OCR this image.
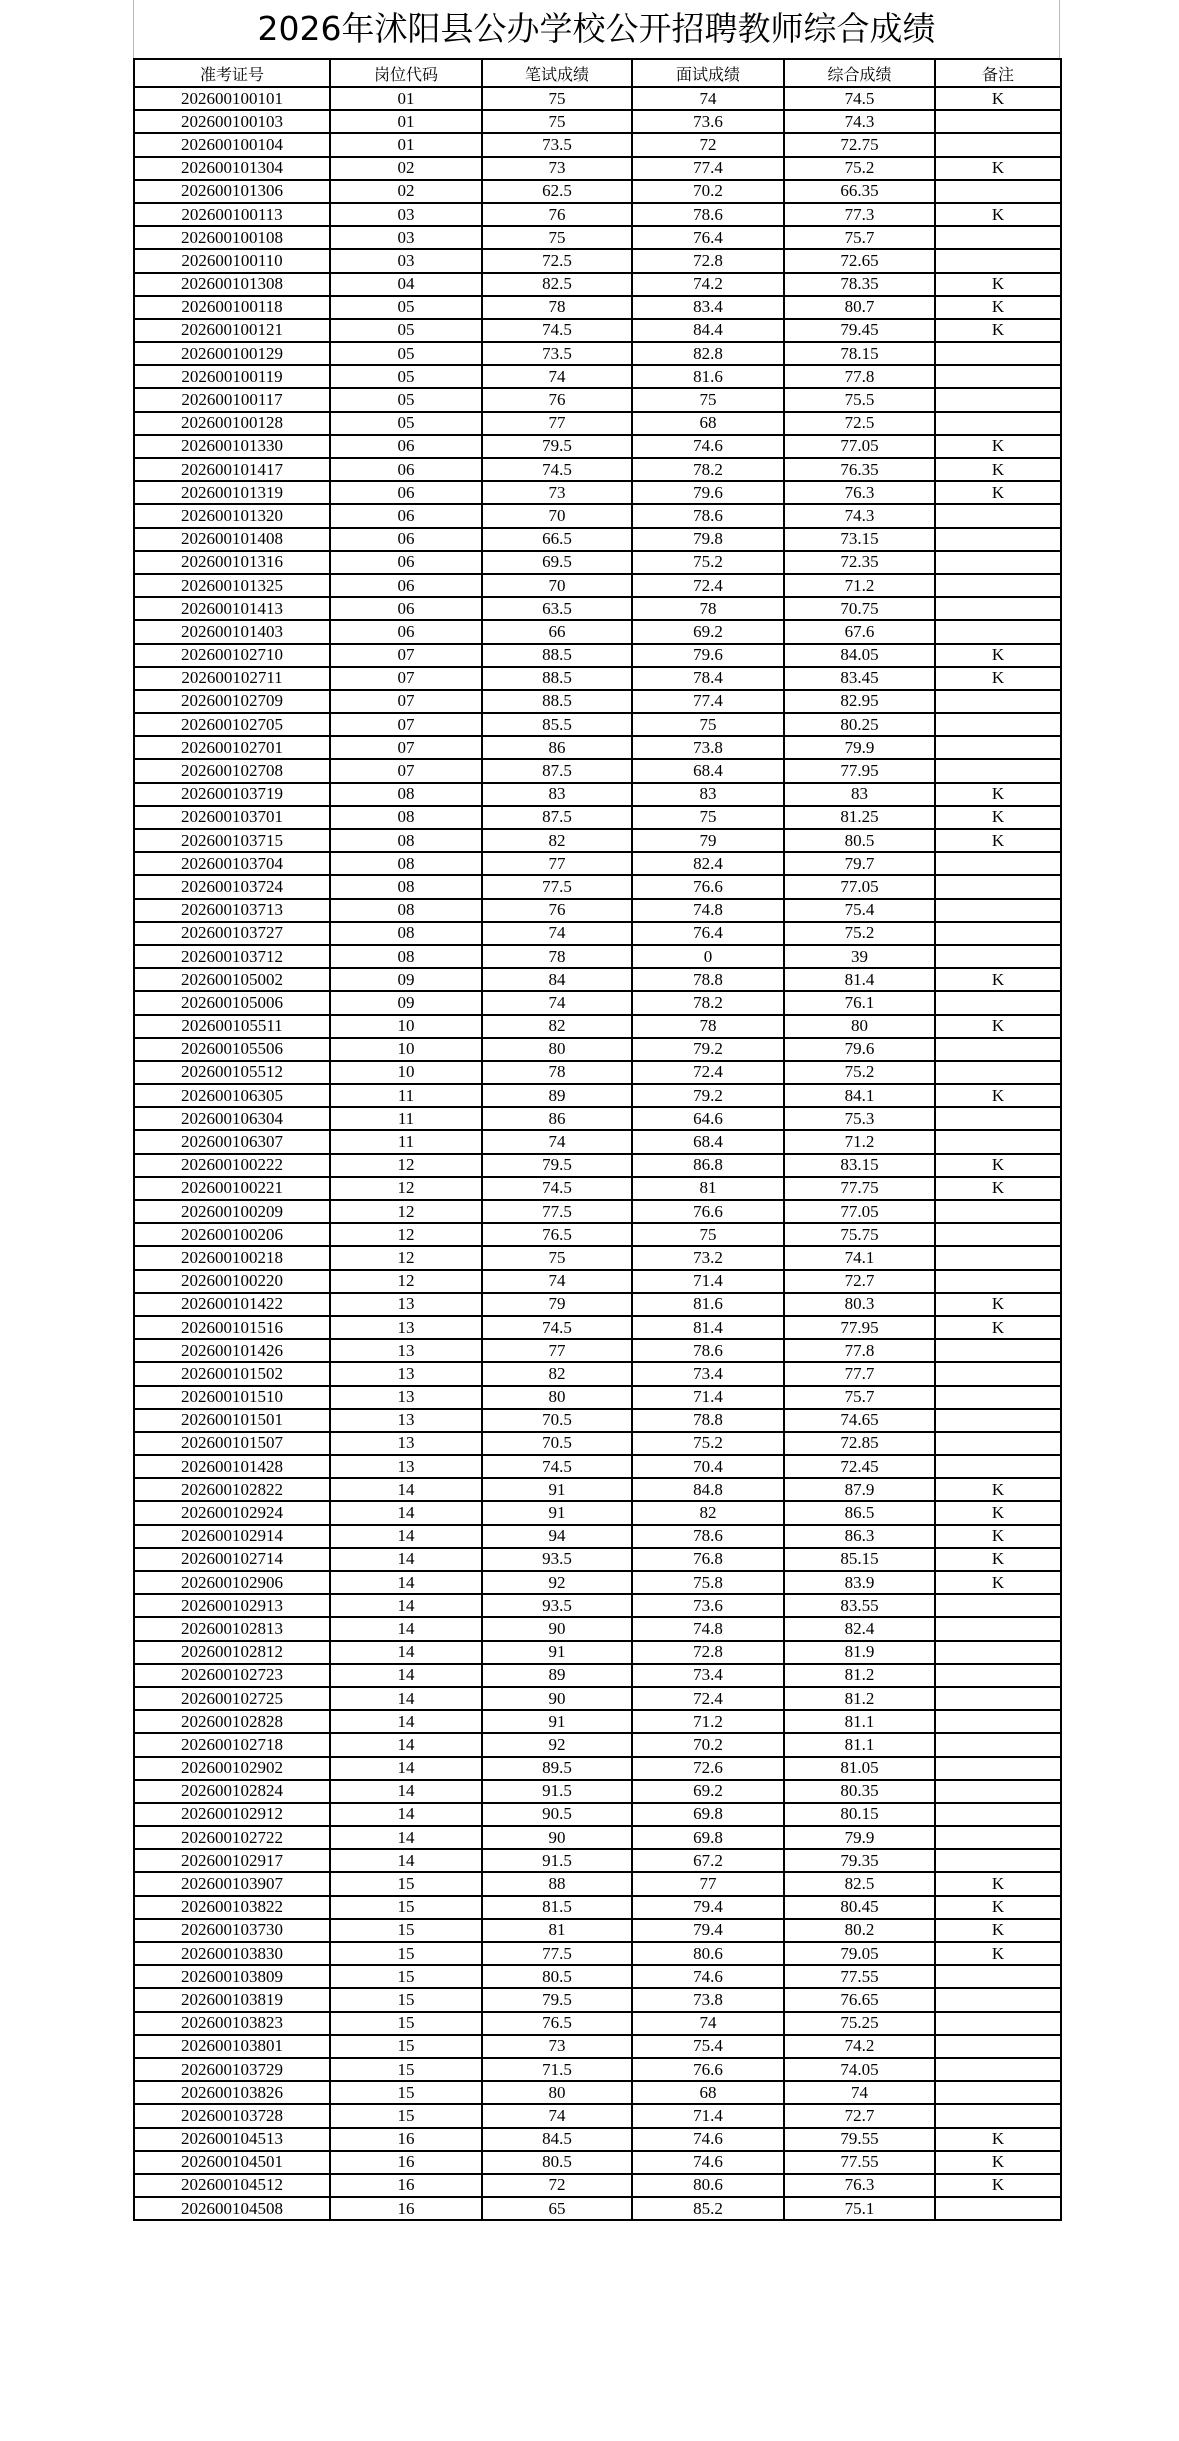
2026年沭阳县公办学校公开招聘教师综合成绩
准考证号	岗位代码	笔试成绩	面试成绩	综合成绩	备注
202600100101	01	75	74	74.5	K
202600100103	01	75	73.6	74.3	
202600100104	01	73.5	72	72.75	
202600101304	02	73	77.4	75.2	K
202600101306	02	62.5	70.2	66.35	
202600100113	03	76	78.6	77.3	K
202600100108	03	75	76.4	75.7	
202600100110	03	72.5	72.8	72.65	
202600101308	04	82.5	74.2	78.35	K
202600100118	05	78	83.4	80.7	K
202600100121	05	74.5	84.4	79.45	K
202600100129	05	73.5	82.8	78.15	
202600100119	05	74	81.6	77.8	
202600100117	05	76	75	75.5	
202600100128	05	77	68	72.5	
202600101330	06	79.5	74.6	77.05	K
202600101417	06	74.5	78.2	76.35	K
202600101319	06	73	79.6	76.3	K
202600101320	06	70	78.6	74.3	
202600101408	06	66.5	79.8	73.15	
202600101316	06	69.5	75.2	72.35	
202600101325	06	70	72.4	71.2	
202600101413	06	63.5	78	70.75	
202600101403	06	66	69.2	67.6	
202600102710	07	88.5	79.6	84.05	K
202600102711	07	88.5	78.4	83.45	K
202600102709	07	88.5	77.4	82.95	
202600102705	07	85.5	75	80.25	
202600102701	07	86	73.8	79.9	
202600102708	07	87.5	68.4	77.95	
202600103719	08	83	83	83	K
202600103701	08	87.5	75	81.25	K
202600103715	08	82	79	80.5	K
202600103704	08	77	82.4	79.7	
202600103724	08	77.5	76.6	77.05	
202600103713	08	76	74.8	75.4	
202600103727	08	74	76.4	75.2	
202600103712	08	78	0	39	
202600105002	09	84	78.8	81.4	K
202600105006	09	74	78.2	76.1	
202600105511	10	82	78	80	K
202600105506	10	80	79.2	79.6	
202600105512	10	78	72.4	75.2	
202600106305	11	89	79.2	84.1	K
202600106304	11	86	64.6	75.3	
202600106307	11	74	68.4	71.2	
202600100222	12	79.5	86.8	83.15	K
202600100221	12	74.5	81	77.75	K
202600100209	12	77.5	76.6	77.05	
202600100206	12	76.5	75	75.75	
202600100218	12	75	73.2	74.1	
202600100220	12	74	71.4	72.7	
202600101422	13	79	81.6	80.3	K
202600101516	13	74.5	81.4	77.95	K
202600101426	13	77	78.6	77.8	
202600101502	13	82	73.4	77.7	
202600101510	13	80	71.4	75.7	
202600101501	13	70.5	78.8	74.65	
202600101507	13	70.5	75.2	72.85	
202600101428	13	74.5	70.4	72.45	
202600102822	14	91	84.8	87.9	K
202600102924	14	91	82	86.5	K
202600102914	14	94	78.6	86.3	K
202600102714	14	93.5	76.8	85.15	K
202600102906	14	92	75.8	83.9	K
202600102913	14	93.5	73.6	83.55	
202600102813	14	90	74.8	82.4	
202600102812	14	91	72.8	81.9	
202600102723	14	89	73.4	81.2	
202600102725	14	90	72.4	81.2	
202600102828	14	91	71.2	81.1	
202600102718	14	92	70.2	81.1	
202600102902	14	89.5	72.6	81.05	
202600102824	14	91.5	69.2	80.35	
202600102912	14	90.5	69.8	80.15	
202600102722	14	90	69.8	79.9	
202600102917	14	91.5	67.2	79.35	
202600103907	15	88	77	82.5	K
202600103822	15	81.5	79.4	80.45	K
202600103730	15	81	79.4	80.2	K
202600103830	15	77.5	80.6	79.05	K
202600103809	15	80.5	74.6	77.55	
202600103819	15	79.5	73.8	76.65	
202600103823	15	76.5	74	75.25	
202600103801	15	73	75.4	74.2	
202600103729	15	71.5	76.6	74.05	
202600103826	15	80	68	74	
202600103728	15	74	71.4	72.7	
202600104513	16	84.5	74.6	79.55	K
202600104501	16	80.5	74.6	77.55	K
202600104512	16	72	80.6	76.3	K
202600104508	16	65	85.2	75.1	
